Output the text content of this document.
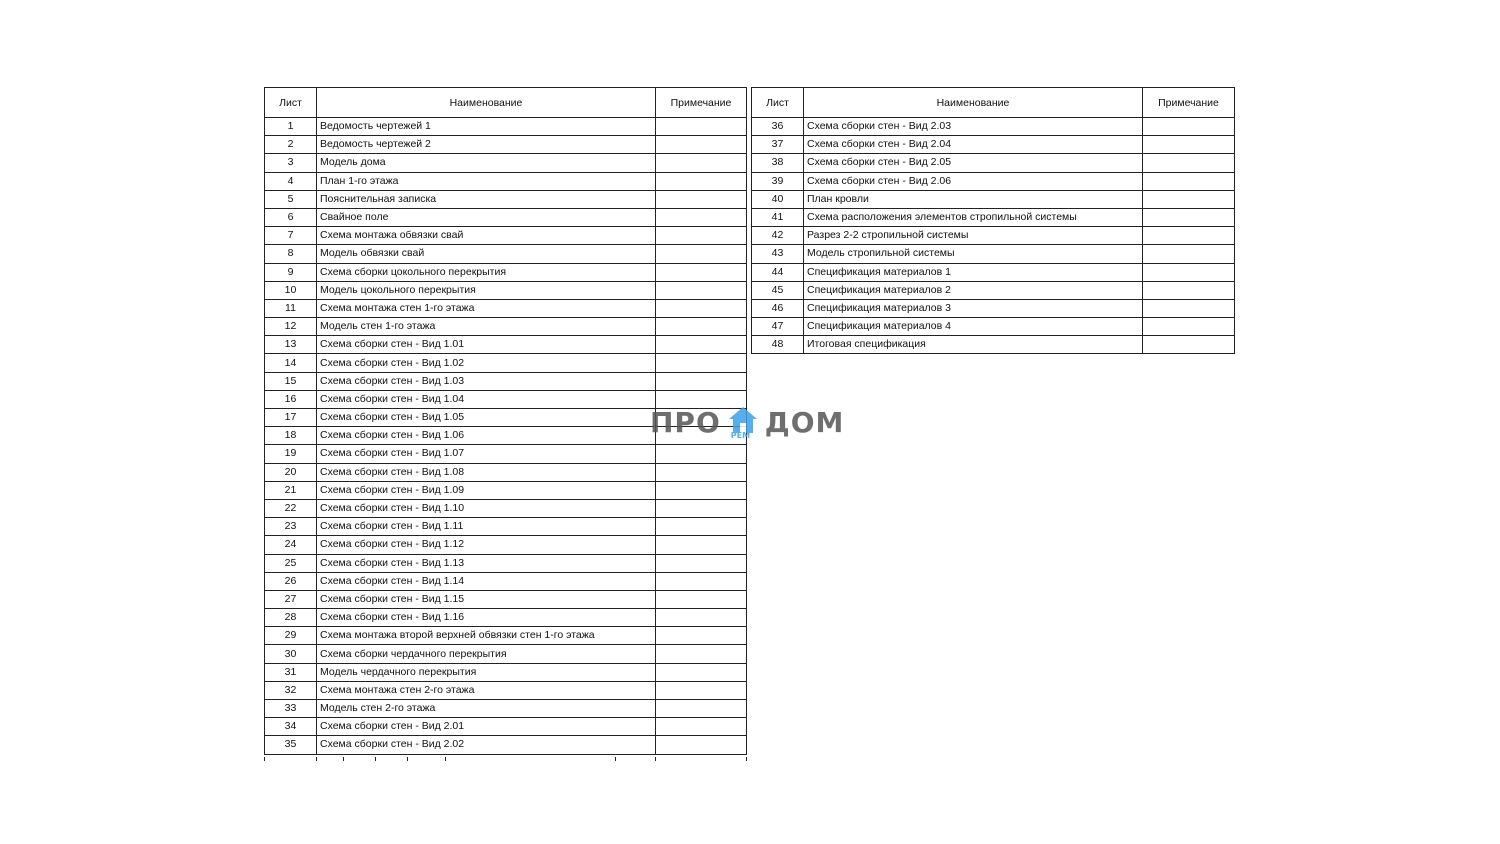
Лист	Наименование	Примечание
1	Ведомость чертежей 1	
2	Ведомость чертежей 2	
3	Модель дома	
4	План 1-го этажа	
5	Пояснительная записка	
6	Свайное поле	
7	Схема монтажа обвязки свай	
8	Модель обвязки свай	
9	Схема сборки цокольного перекрытия	
10	Модель цокольного перекрытия	
11	Схема монтажа стен 1-го этажа	
12	Модель стен 1-го этажа	
13	Схема сборки стен - Вид 1.01	
14	Схема сборки стен - Вид 1.02	
15	Схема сборки стен - Вид 1.03	
16	Схема сборки стен - Вид 1.04	
17	Схема сборки стен - Вид 1.05	
18	Схема сборки стен - Вид 1.06	
19	Схема сборки стен - Вид 1.07	
20	Схема сборки стен - Вид 1.08	
21	Схема сборки стен - Вид 1.09	
22	Схема сборки стен - Вид 1.10	
23	Схема сборки стен - Вид 1.11	
24	Схема сборки стен - Вид 1.12	
25	Схема сборки стен - Вид 1.13	
26	Схема сборки стен - Вид 1.14	
27	Схема сборки стен - Вид 1.15	
28	Схема сборки стен - Вид 1.16	
29	Схема монтажа второй верхней обвязки стен 1-го этажа	
30	Схема сборки чердачного перекрытия	
31	Модель чердачного перекрытия	
32	Схема монтажа стен 2-го этажа	
33	Модель стен 2-го этажа	
34	Схема сборки стен - Вид 2.01	
35	Схема сборки стен - Вид 2.02	
Лист	Наименование	Примечание
36	Схема сборки стен - Вид 2.03	
37	Схема сборки стен - Вид 2.04	
38	Схема сборки стен - Вид 2.05	
39	Схема сборки стен - Вид 2.06	
40	План кровли	
41	Схема расположения элементов стропильной системы	
42	Разрез 2-2 стропильной системы	
43	Модель стропильной системы	
44	Спецификация материалов 1	
45	Спецификация материалов 2	
46	Спецификация материалов 3	
47	Спецификация материалов 4	
48	Итоговая спецификация	
ПРО РЕМ ДОМ
